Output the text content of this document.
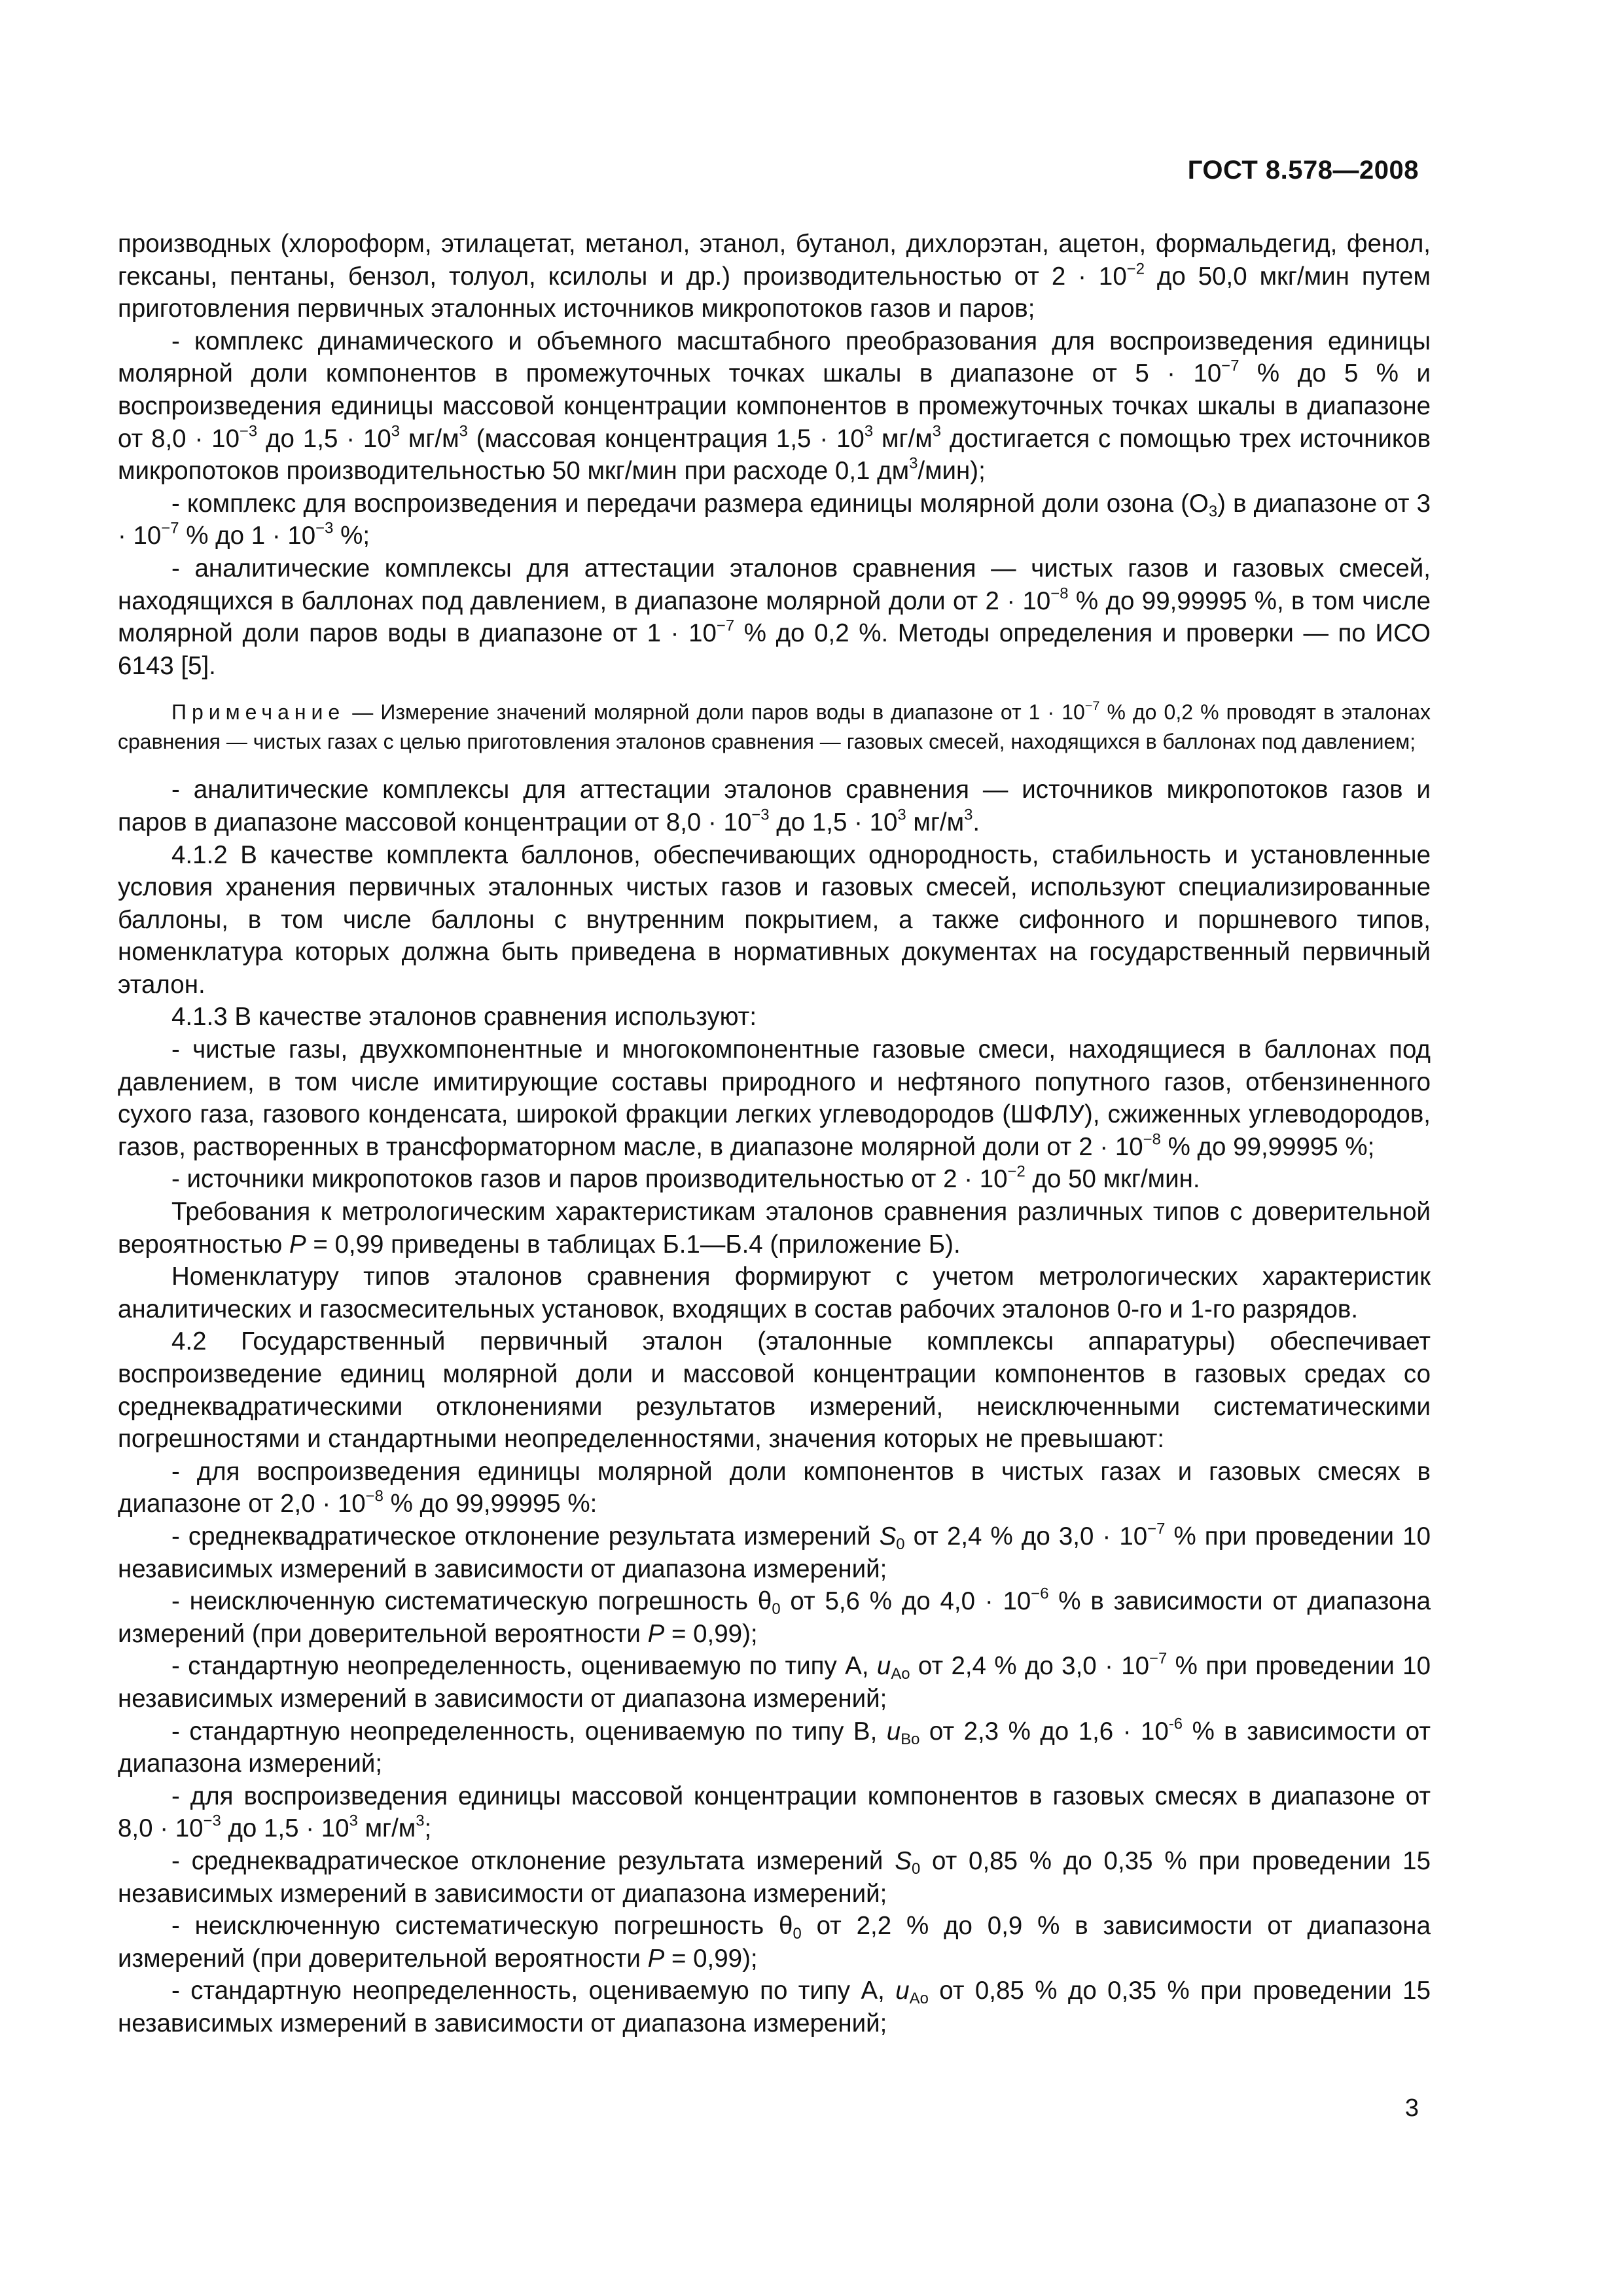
ГОСТ 8.578—2008

производных (хлороформ, этилацетат, метанол, этанол, бутанол, дихлорэтан, ацетон, формальдегид, фенол, гексаны, пентаны, бензол, толуол, ксилолы и др.) производительностью от $2 \cdot 10^{-2}$ до 50,0 мкг/мин путем приготовления первичных эталонных источников микропотоков газов и паров;

- комплекс динамического и объемного масштабного преобразования для воспроизведения единицы молярной доли компонентов в промежуточных точках шкалы в диапазоне от $5 \cdot 10^{-7}$ % до 5 % и воспроизведения единицы массовой концентрации компонентов в промежуточных точках шкалы в диапазоне от $8,0 \cdot 10^{-3}$ до $1,5 \cdot 10^3$ $мг/м^3$ (массовая концентрация $1,5 \cdot 10^3$ $мг/м^3$ достигается с помощью трех источников микропотоков производительностью 50 мкг/мин при расходе 0,1 $дм^3/мин$);

- комплекс для воспроизведения и передачи размера единицы молярной доли озона $(O_3)$ в диапазоне от $3 \cdot 10^{-7}$ % до $1 \cdot 10^{-3}$ %;

- аналитические комплексы для аттестации эталонов сравнения — чистых газов и газовых смесей, находящихся в баллонах под давлением, в диапазоне молярной доли от $2 \cdot 10^{-8}$ % до 99,99995 %, в том числе молярной доли паров воды в диапазоне от $1 \cdot 10^{-7}$ % до 0,2 %. Методы определения и проверки — по ИСО 6143 [5].

Примечание — Измерение значений молярной доли паров воды в диапазоне от $1 \cdot 10^{-7}$ % до 0,2 % проводят в эталонах сравнения — чистых газах с целью приготовления эталонов сравнения — газовых смесей, находящихся в баллонах под давлением;

- аналитические комплексы для аттестации эталонов сравнения — источников микропотоков газов и паров в диапазоне массовой концентрации от $8,0 \cdot 10^{-3}$ до $1,5 \cdot 10^3$ $мг/м^3$.

4.1.2 В качестве комплекта баллонов, обеспечивающих однородность, стабильность и установленные условия хранения первичных эталонных чистых газов и газовых смесей, используют специализированные баллоны, в том числе баллоны с внутренним покрытием, а также сифонного и поршневого типов, номенклатура которых должна быть приведена в нормативных документах на государственный первичный эталон.

4.1.3 В качестве эталонов сравнения используют:

- чистые газы, двухкомпонентные и многокомпонентные газовые смеси, находящиеся в баллонах под давлением, в том числе имитирующие составы природного и нефтяного попутного газов, отбензиненного сухого газа, газового конденсата, широкой фракции легких углеводородов (ШФЛУ), сжиженных углеводородов, газов, растворенных в трансформаторном масле, в диапазоне молярной доли от $2 \cdot 10^{-8}$ % до 99,99995 %;

- источники микропотоков газов и паров производительностью от $2 \cdot 10^{-2}$ до 50 мкг/мин.

Требования к метрологическим характеристикам эталонов сравнения различных типов с доверительной вероятностью P = 0,99 приведены в таблицах Б.1—Б.4 (приложение Б).

Номенклатуру типов эталонов сравнения формируют с учетом метрологических характеристик аналитических и газосмесительных установок, входящих в состав рабочих эталонов 0-го и 1-го разрядов.

4.2 Государственный первичный эталон (эталонные комплексы аппаратуры) обеспечивает воспроизведение единиц молярной доли и массовой концентрации компонентов в газовых средах со среднеквадратическими отклонениями результатов измерений, неисключенными систематическими погрешностями и стандартными неопределенностями, значения которых не превышают:

- для воспроизведения единицы молярной доли компонентов в чистых газах и газовых смесях в диапазоне от $2,0 \cdot 10^{-8}$ % до 99,99995 %:

- среднеквадратическое отклонение результата измерений $S_0$ от 2,4 % до $3,0 \cdot 10^{-7}$ % при проведении 10 независимых измерений в зависимости от диапазона измерений;

- неисключенную систематическую погрешность $\theta_0$ от 5,6 % до $4,0 \cdot 10^{-6}$ % в зависимости от диапазона измерений (при доверительной вероятности P = 0,99);

- стандартную неопределенность, оцениваемую по типу А, $u_{Ao}$ от 2,4 % до $3,0 \cdot 10^{-7}$ % при проведении 10 независимых измерений в зависимости от диапазона измерений;

- стандартную неопределенность, оцениваемую по типу В, $u_{Bo}$ от 2,3 % до $1,6 \cdot 10^{-6}$ % в зависимости от диапазона измерений;

- для воспроизведения единицы массовой концентрации компонентов в газовых смесях в диапазоне от $8,0 \cdot 10^{-3}$ до $1,5 \cdot 10^3$ $мг/м^3$;

- среднеквадратическое отклонение результата измерений $S_0$ от 0,85 % до 0,35 % при проведении 15 независимых измерений в зависимости от диапазона измерений;

- неисключенную систематическую погрешность $\theta_0$ от 2,2 % до 0,9 % в зависимости от диапазона измерений (при доверительной вероятности P = 0,99);

- стандартную неопределенность, оцениваемую по типу А, $u_{Ao}$ от 0,85 % до 0,35 % при проведении 15 независимых измерений в зависимости от диапазона измерений;

3
